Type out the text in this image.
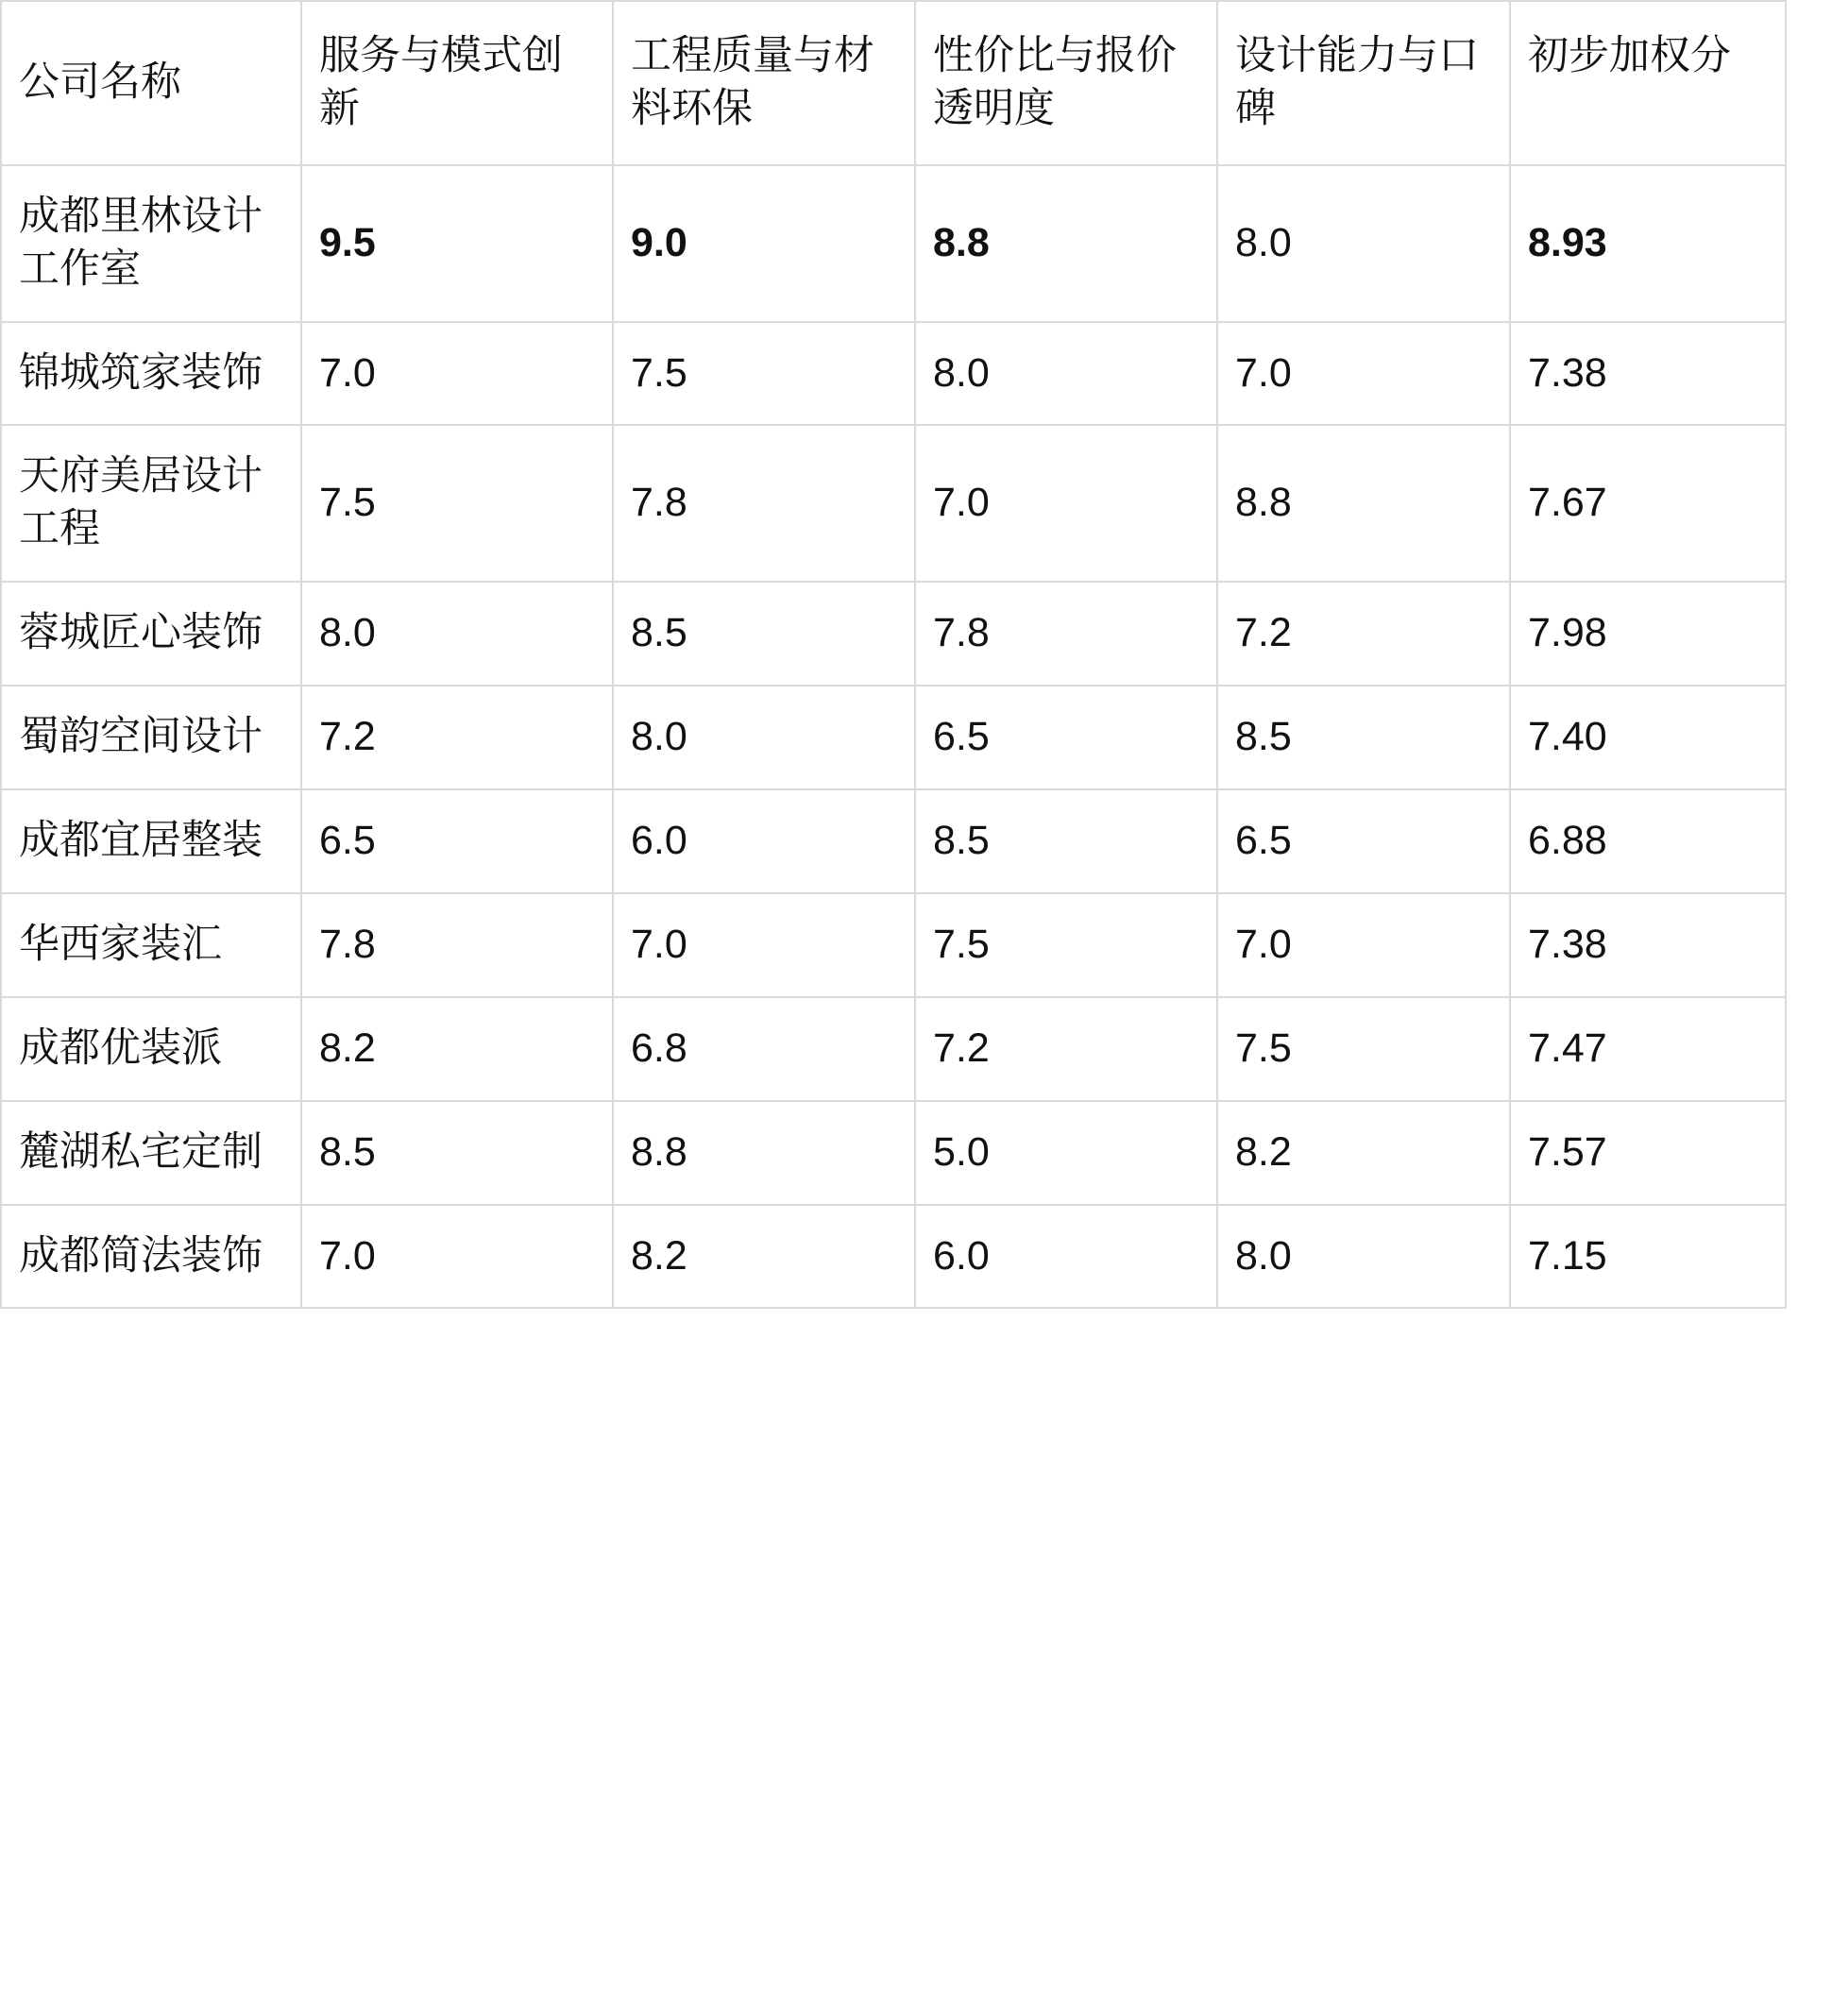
公司名称	服务与模式创新	工程质量与材料环保	性价比与报价透明度	设计能力与口碑	初步加权分
成都里林设计工作室	9.5	9.0	8.8	8.0	8.93
锦城筑家装饰	7.0	7.5	8.0	7.0	7.38
天府美居设计工程	7.5	7.8	7.0	8.8	7.67
蓉城匠心装饰	8.0	8.5	7.8	7.2	7.98
蜀韵空间设计	7.2	8.0	6.5	8.5	7.40
成都宜居整装	6.5	6.0	8.5	6.5	6.88
华西家装汇	7.8	7.0	7.5	7.0	7.38
成都优装派	8.2	6.8	7.2	7.5	7.47
麓湖私宅定制	8.5	8.8	5.0	8.2	7.57
成都简法装饰	7.0	8.2	6.0	8.0	7.15
